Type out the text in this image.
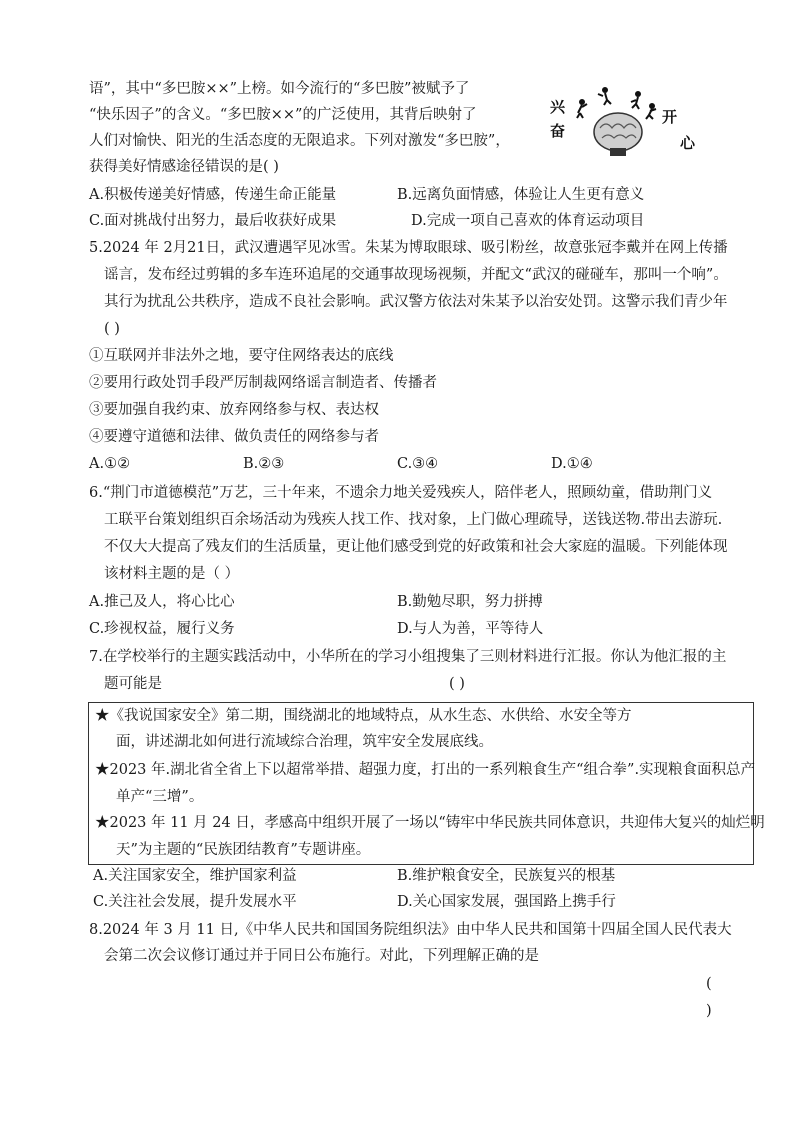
语”，其中“多巴胺××”上榜。如今流行的“多巴胺”被赋予了
“快乐因子”的含义。“多巴胺××”的广泛使用，其背后映射了
人们对愉快、阳光的生活态度的无限追求。下列对激发“多巴胺”，
获得美好情感途径错误的是( )
兴
奋
开
心
A.积极传递美好情感，传递生命正能量	B.远离负面情感，体验让人生更有意义
C.面对挑战付出努力，最后收获好成果	D.完成一项自己喜欢的体育运动项目
5.2024 年 2月21日，武汉遭遇罕见冰雪。朱某为博取眼球、吸引粉丝，故意张冠李戴并在网上传播
谣言，发布经过剪辑的多车连环追尾的交通事故现场视频，并配文“武汉的碰碰车，那叫一个响”。
其行为扰乱公共秩序，造成不良社会影响。武汉警方依法对朱某予以治安处罚。这警示我们青少年
( )
①互联网并非法外之地，要守住网络表达的底线
②要用行政处罚手段严厉制裁网络谣言制造者、传播者
③要加强自我约束、放弃网络参与权、表达权
④要遵守道德和法律、做负责任的网络参与者
A.①②	B.②③	C.③④	D.①④
6.“荆门市道德模范”万艺，三十年来，不遗余力地关爱残疾人，陪伴老人，照顾幼童，借助荆门义
工联平台策划组织百余场活动为残疾人找工作、找对象，上门做心理疏导，送钱送物.带出去游玩.
不仅大大提高了残友们的生活质量，更让他们感受到党的好政策和社会大家庭的温暖。下列能体现
该材料主题的是（ ）
A.推己及人，将心比心	B.勤勉尽职，努力拼搏
C.珍视权益，履行义务	D.与人为善，平等待人
7.在学校举行的主题实践活动中，小华所在的学习小组搜集了三则材料进行汇报。你认为他汇报的主
题可能是	( )
★《我说国家安全》第二期，围绕湖北的地域特点，从水生态、水供给、水安全等方
面，讲述湖北如何进行流域综合治理，筑牢安全发展底线。
★2023 年.湖北省全省上下以超常举措、超强力度，打出的一系列粮食生产“组合拳”.实现粮食面积总产
单产“三增”。
★2023 年 11 月 24 日，孝感高中组织开展了一场以“铸牢中华民族共同体意识，共迎伟大复兴的灿烂明
天”为主题的“民族团结教育”专题讲座。
A.关注国家安全，维护国家利益	B.维护粮食安全，民族复兴的根基
C.关注社会发展，提升发展水平	D.关心国家发展，强国路上携手行
8.2024 年 3 月 11 日,《中华人民共和国国务院组织法》由中华人民共和国第十四届全国人民代表大
会第二次会议修订通过并于同日公布施行。对此，下列理解正确的是
(
)
